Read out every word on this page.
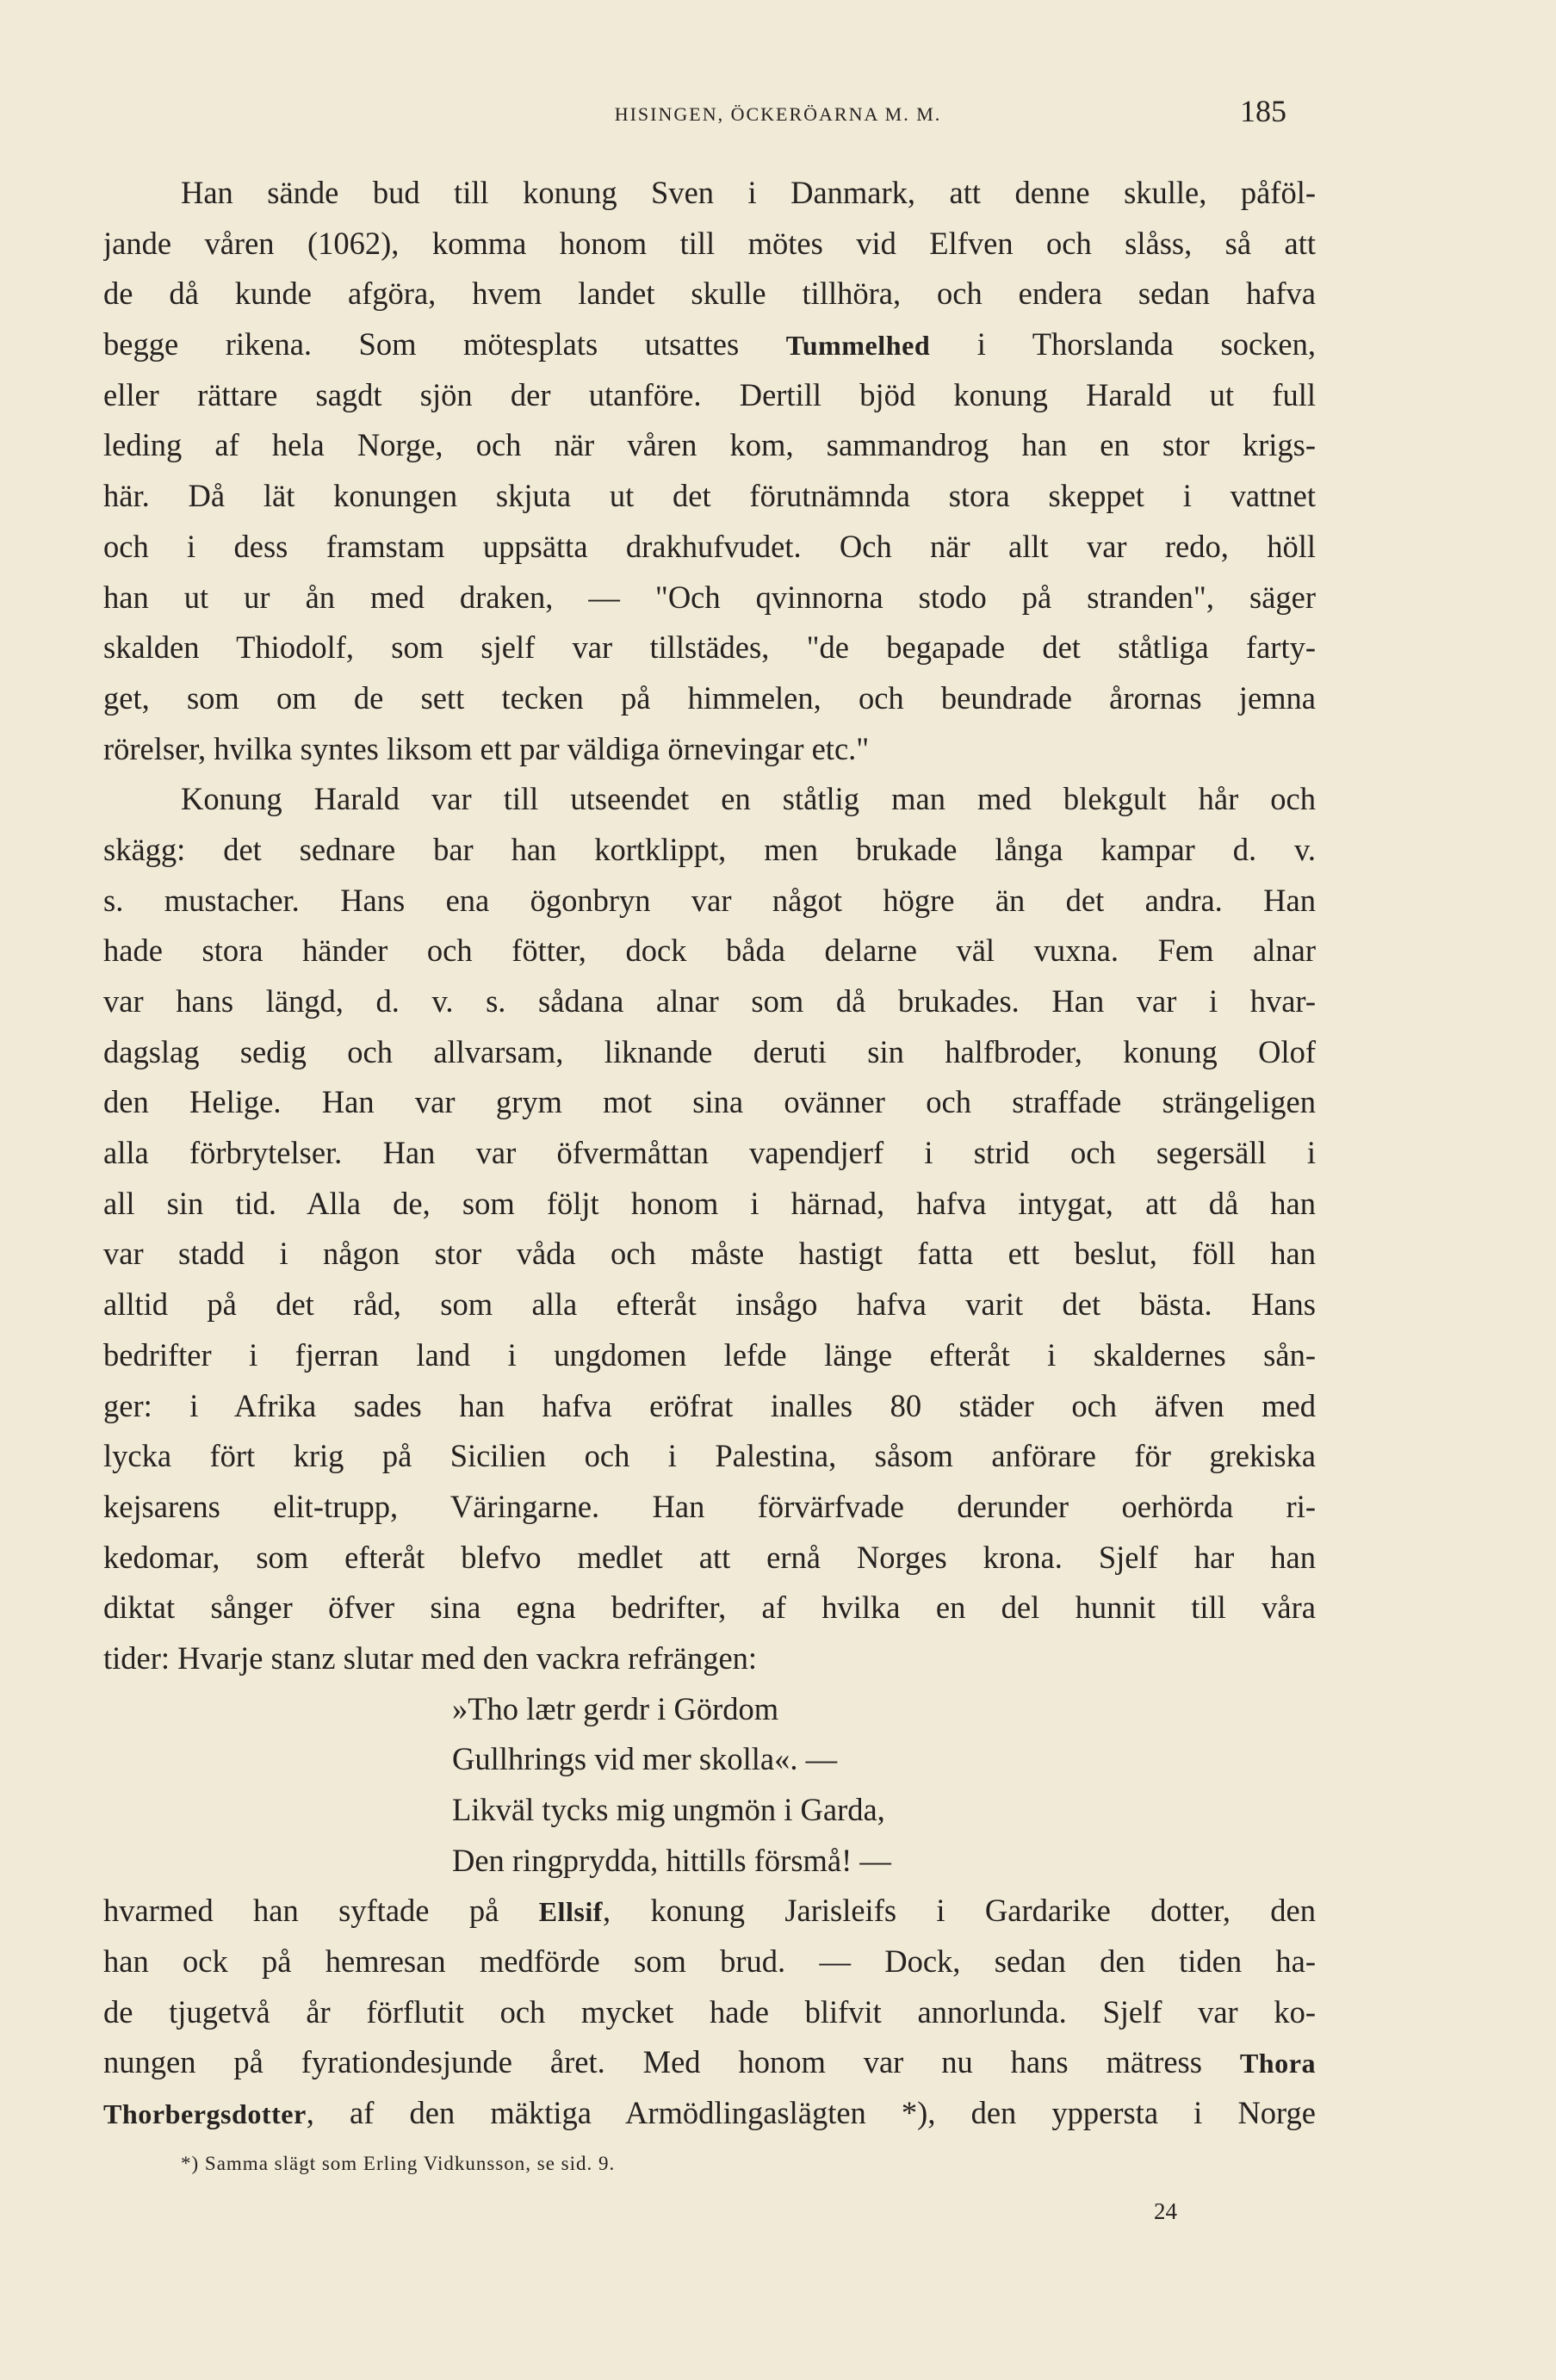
HISINGEN, ÖCKERÖARNA M. M.	185
Han sände bud till konung Sven i Danmark, att denne skulle, påföl-
jande våren (1062), komma honom till mötes vid Elfven och slåss, så att
de då kunde afgöra, hvem landet skulle tillhöra, och endera sedan hafva
begge rikena. Som mötesplats utsattes Tummelhed i Thorslanda socken,
eller rättare sagdt sjön der utanföre. Dertill bjöd konung Harald ut full
leding af hela Norge, och när våren kom, sammandrog han en stor krigs-
här. Då lät konungen skjuta ut det förutnämnda stora skeppet i vattnet
och i dess framstam uppsätta drakhufvudet. Och när allt var redo, höll
han ut ur ån med draken, — "Och qvinnorna stodo på stranden", säger
skalden Thiodolf, som sjelf var tillstädes, "de begapade det ståtliga farty-
get, som om de sett tecken på himmelen, och beundrade årornas jemna
rörelser, hvilka syntes liksom ett par väldiga örnevingar etc."
Konung Harald var till utseendet en ståtlig man med blekgult hår och
skägg: det sednare bar han kortklippt, men brukade långa kampar d. v.
s. mustacher. Hans ena ögonbryn var något högre än det andra. Han
hade stora händer och fötter, dock båda delarne väl vuxna. Fem alnar
var hans längd, d. v. s. sådana alnar som då brukades. Han var i hvar-
dagslag sedig och allvarsam, liknande deruti sin halfbroder, konung Olof
den Helige. Han var grym mot sina ovänner och straffade strängeligen
alla förbrytelser. Han var öfvermåttan vapendjerf i strid och segersäll i
all sin tid. Alla de, som följt honom i härnad, hafva intygat, att då han
var stadd i någon stor våda och måste hastigt fatta ett beslut, föll han
alltid på det råd, som alla efteråt insågo hafva varit det bästa. Hans
bedrifter i fjerran land i ungdomen lefde länge efteråt i skaldernes sån-
ger: i Afrika sades han hafva eröfrat inalles 80 städer och äfven med
lycka fört krig på Sicilien och i Palestina, såsom anförare för grekiska
kejsarens elit-trupp, Väringarne. Han förvärfvade derunder oerhörda ri-
kedomar, som efteråt blefvo medlet att ernå Norges krona. Sjelf har han
diktat sånger öfver sina egna bedrifter, af hvilka en del hunnit till våra
tider: Hvarje stanz slutar med den vackra refrängen:
»Tho lætr gerdr i Gördom
Gullhrings vid mer skolla«. —
Likväl tycks mig ungmön i Garda,
Den ringprydda, hittills försmå! —
hvarmed han syftade på Ellsif, konung Jarisleifs i Gardarike dotter, den
han ock på hemresan medförde som brud. — Dock, sedan den tiden ha-
de tjugetvå år förflutit och mycket hade blifvit annorlunda. Sjelf var ko-
nungen på fyrationdesjunde året. Med honom var nu hans mätress Thora
Thorbergsdotter, af den mäktiga Armödlingaslägten *), den yppersta i Norge
*) Samma slägt som Erling Vidkunsson, se sid. 9.
24
